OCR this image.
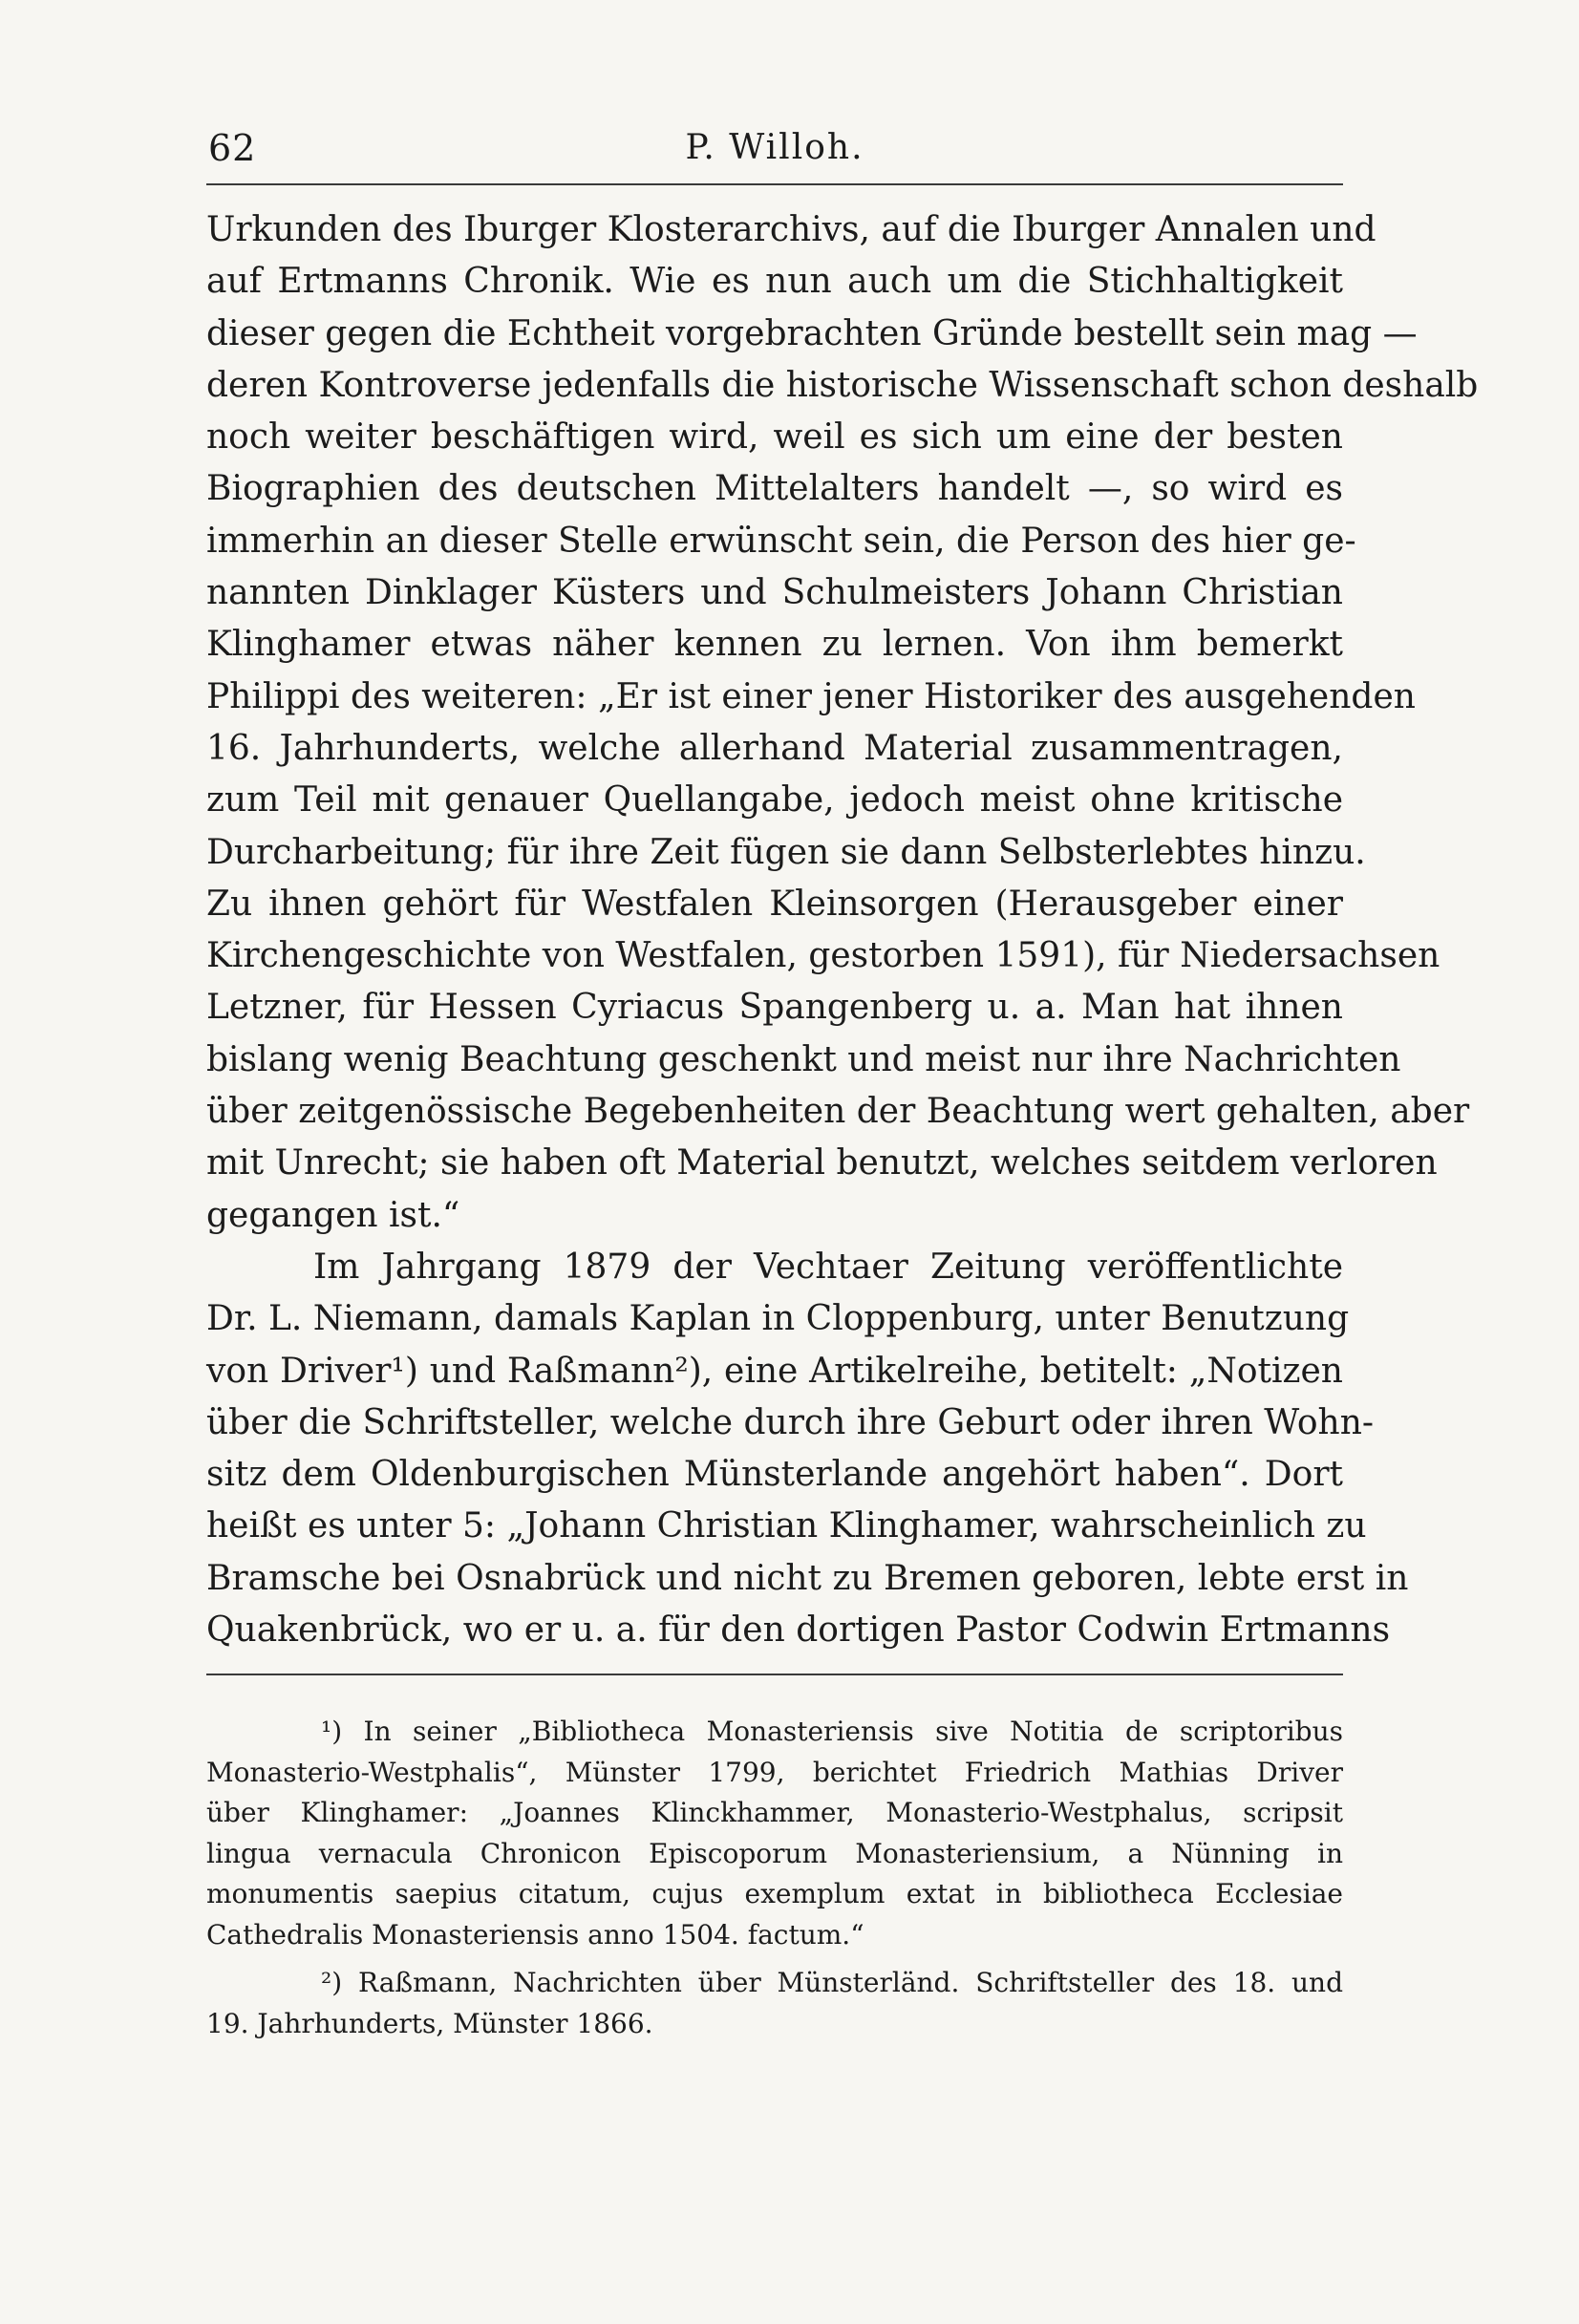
62	P. Willoh.
Urkunden des Iburger Klosterarchivs, auf die Iburger Annalen und
auf Ertmanns Chronik. Wie es nun auch um die Stichhaltigkeit
dieser gegen die Echtheit vorgebrachten Gründe bestellt sein mag —
deren Kontroverse jedenfalls die historische Wissenschaft schon deshalb
noch weiter beschäftigen wird, weil es sich um eine der besten
Biographien des deutschen Mittelalters handelt —, so wird es
immerhin an dieser Stelle erwünscht sein, die Person des hier ge-
nannten Dinklager Küsters und Schulmeisters Johann Christian
Klinghamer etwas näher kennen zu lernen. Von ihm bemerkt
Philippi des weiteren: „Er ist einer jener Historiker des ausgehenden
16. Jahrhunderts, welche allerhand Material zusammentragen,
zum Teil mit genauer Quellangabe, jedoch meist ohne kritische
Durcharbeitung; für ihre Zeit fügen sie dann Selbsterlebtes hinzu.
Zu ihnen gehört für Westfalen Kleinsorgen (Herausgeber einer
Kirchengeschichte von Westfalen, gestorben 1591), für Niedersachsen
Letzner, für Hessen Cyriacus Spangenberg u. a. Man hat ihnen
bislang wenig Beachtung geschenkt und meist nur ihre Nachrichten
über zeitgenössische Begebenheiten der Beachtung wert gehalten, aber
mit Unrecht; sie haben oft Material benutzt, welches seitdem verloren
gegangen ist.“
Im Jahrgang 1879 der Vechtaer Zeitung veröffentlichte
Dr. L. Niemann, damals Kaplan in Cloppenburg, unter Benutzung
von Driver¹) und Raßmann²), eine Artikelreihe, betitelt: „Notizen
über die Schriftsteller, welche durch ihre Geburt oder ihren Wohn-
sitz dem Oldenburgischen Münsterlande angehört haben“. Dort
heißt es unter 5: „Johann Christian Klinghamer, wahrscheinlich zu
Bramsche bei Osnabrück und nicht zu Bremen geboren, lebte erst in
Quakenbrück, wo er u. a. für den dortigen Pastor Codwin Ertmanns
¹) In seiner „Bibliotheca Monasteriensis sive Notitia de scriptoribus
Monasterio-Westphalis“, Münster 1799, berichtet Friedrich Mathias Driver
über Klinghamer: „Joannes Klinckhammer, Monasterio-Westphalus, scripsit
lingua vernacula Chronicon Episcoporum Monasteriensium, a Nünning in
monumentis saepius citatum, cujus exemplum extat in bibliotheca Ecclesiae
Cathedralis Monasteriensis anno 1504. factum.“
²) Raßmann, Nachrichten über Münsterländ. Schriftsteller des 18. und
19. Jahrhunderts, Münster 1866.
